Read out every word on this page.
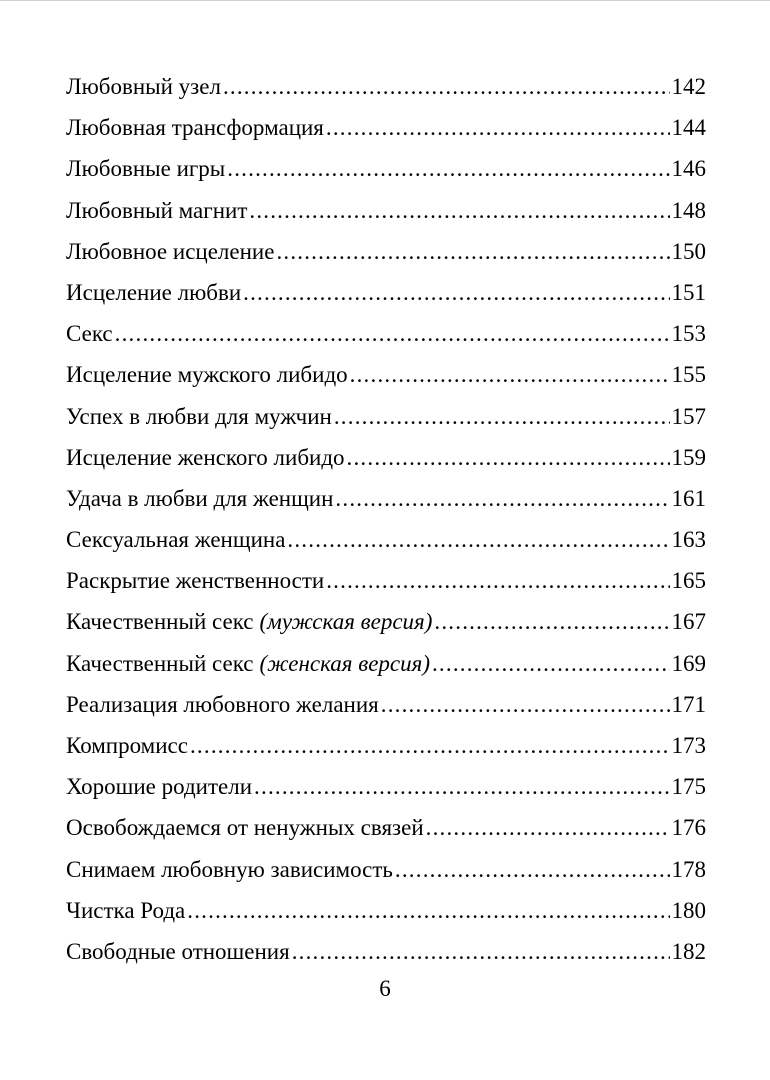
Любовный узел .....	142
Любовная трансформация .....	144
Любовные игры .....	146
Любовный магнит .....	148
Любовное исцеление .....	150
Исцеление любви .....	151
Секс .....	153
Исцеление мужского либидо .....	155
Успех в любви для мужчин .....	157
Исцеление женского либидо .....	159
Удача в любви для женщин .....	161
Сексуальная женщина .....	163
Раскрытие женственности .....	165
Качественный секс (мужская версия) .....	167
Качественный секс (женская версия) .....	169
Реализация любовного желания .....	171
Компромисс .....	173
Хорошие родители .....	175
Освобождаемся от ненужных связей .....	176
Снимаем любовную зависимость .....	178
Чистка Рода .....	180
Свободные отношения .....	182
6
